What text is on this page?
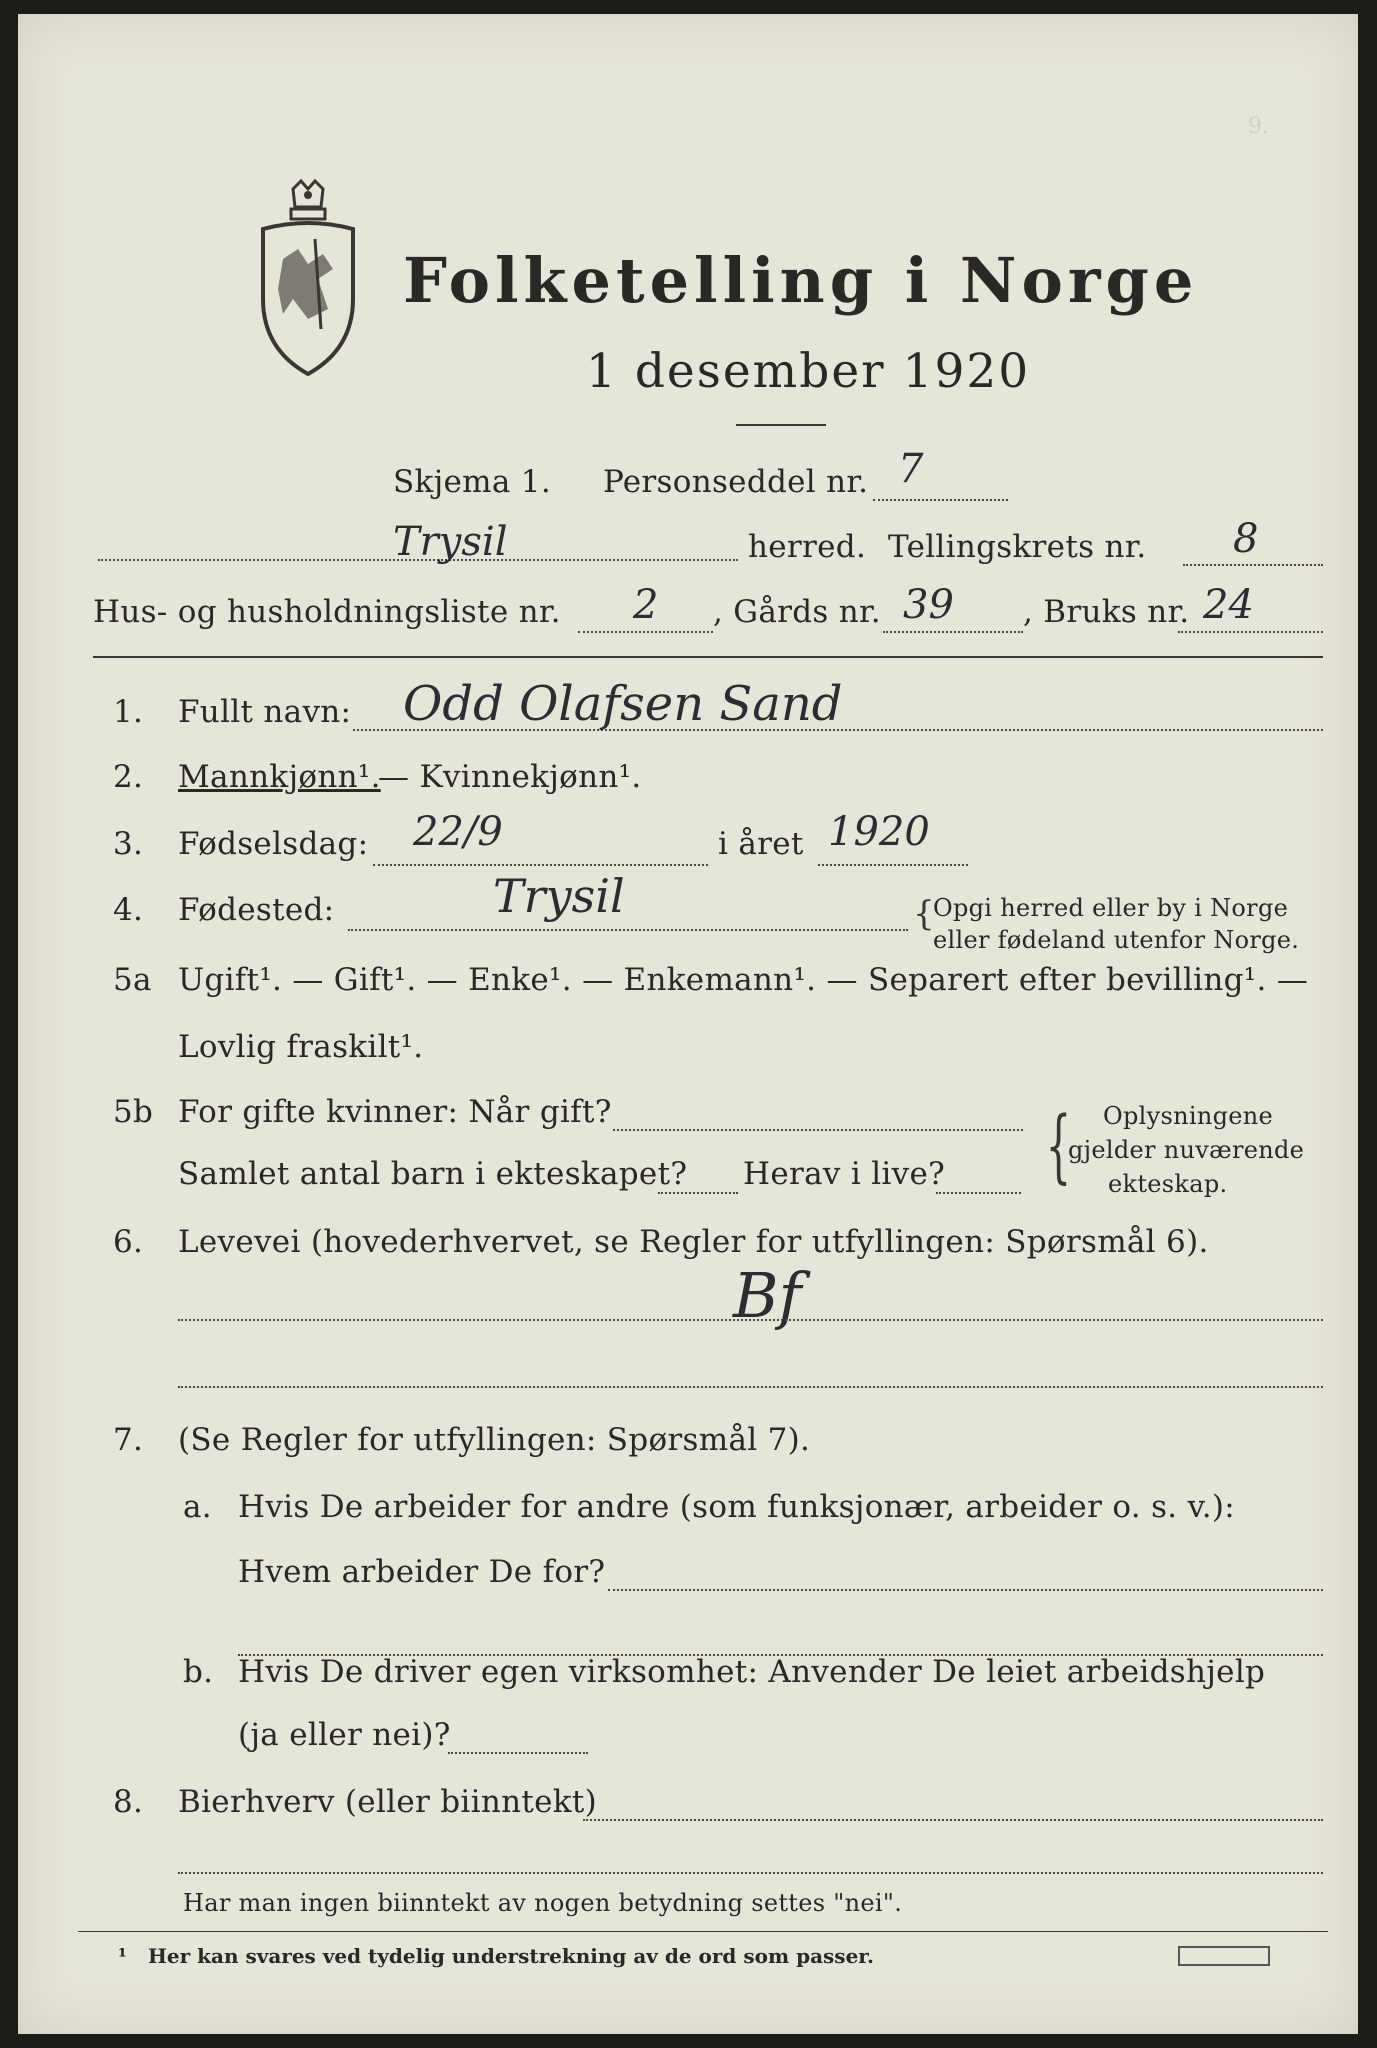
9.
Folketelling i Norge
1 desember 1920
Skjema 1. Personseddel nr. 7
Trysil	herred. Tellingskrets nr. 8
Hus- og husholdningsliste nr. 2 , Gårds nr. 39 , Bruks nr. 24
1. Fullt navn: Odd Olafsen Sand
2. Mannkjønn¹.
— Kvinnekjønn¹.
3. Fødselsdag: 22/9	i året 1920
4. Fødested:	Trysil	{
Opgi herred eller by i Norge
eller fødeland utenfor Norge.
5a Ugift¹. — Gift¹. — Enke¹. — Enkemann¹. — Separert efter bevilling¹. —
Lovlig fraskilt¹.
5b For gifte kvinner: Når gift?
Samlet antal barn i ekteskapet? Herav i live? { Oplysningene
gjelder nuværende
ekteskap.
6. Levevei (hovederhvervet, se Regler for utfyllingen: Spørsmål 6).
Bf
7. (Se Regler for utfyllingen: Spørsmål 7).
a. Hvis De arbeider for andre (som funksjonær, arbeider o. s. v.):
Hvem arbeider De for?
b. Hvis De driver egen virksomhet: Anvender De leiet arbeidshjelp
(ja eller nei)?
8. Bierhverv (eller biinntekt)
Har man ingen biinntekt av nogen betydning settes "nei".
¹ Her kan svares ved tydelig understrekning av de ord som passer.
